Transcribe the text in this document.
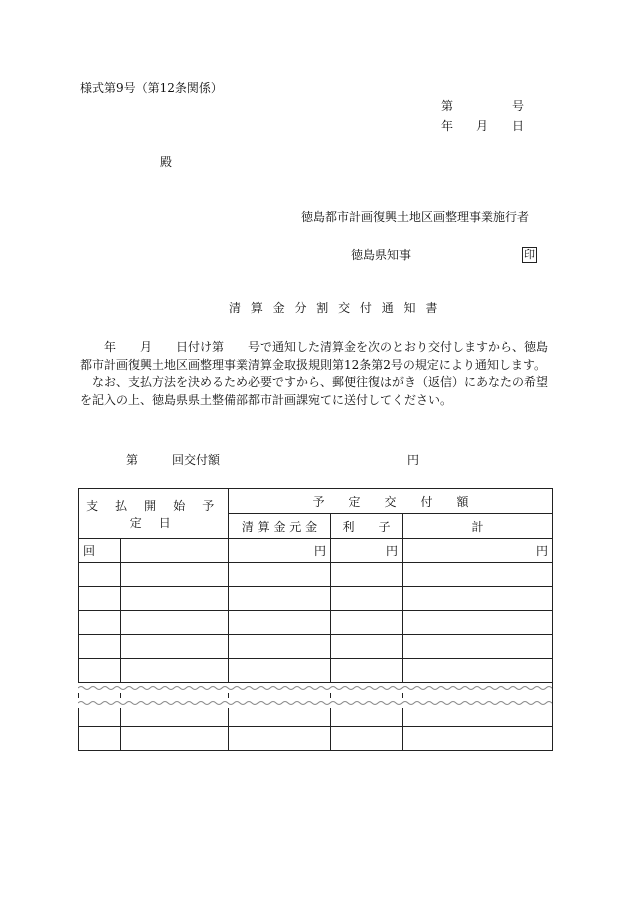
様式第9号（第12条関係）
第	号
年 月 日
殿
徳島都市計画復興土地区画整理事業施行者
徳島県知事	印
清 算 金 分 割 交 付 通 知 書

　　年　　月　　日付け第　　号で通知した清算金を次のとおり交付しますから、徳島都市計画復興土地区画整理事業清算金取扱規則第12条第2号の規定により通知します。

　なお、支払方法を決めるため必要ですから、郵便往復はがき（返信）にあなたの希望を記入の上、徳島県県土整備部都市計画課宛てに送付してください。

第	回交付額	円
支 払 開 始 予 定 日		予　　定　　交　　付　　額		
		清 算 金 元 金	利　　子	計
回		円	円	円
